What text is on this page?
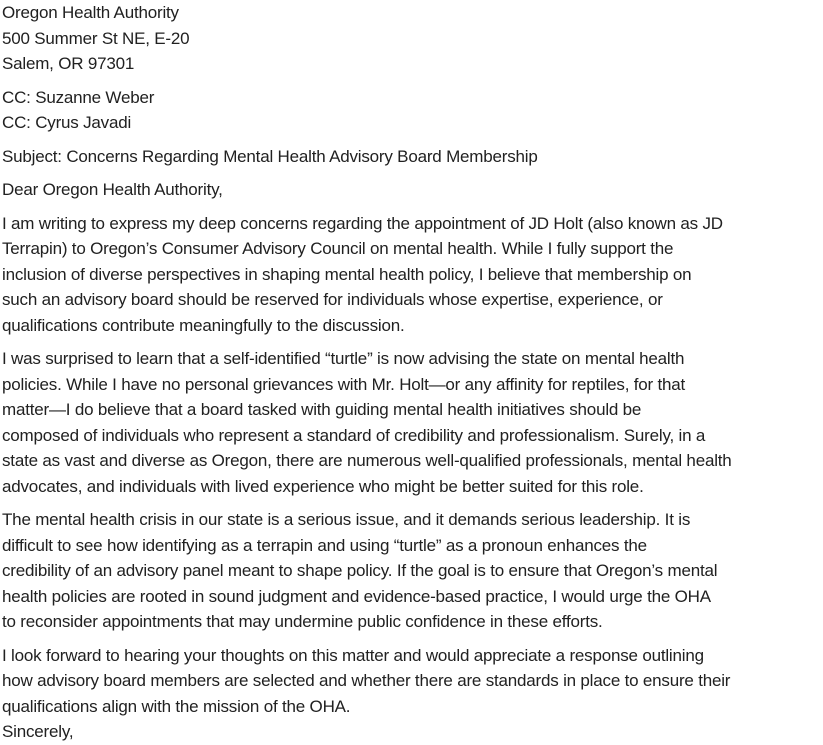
Oregon Health Authority
500 Summer St NE, E-20
Salem, OR 97301
CC: Suzanne Weber
CC: Cyrus Javadi
Subject: Concerns Regarding Mental Health Advisory Board Membership
Dear Oregon Health Authority,
I am writing to express my deep concerns regarding the appointment of JD Holt (also known as JD
Terrapin) to Oregon’s Consumer Advisory Council on mental health. While I fully support the
inclusion of diverse perspectives in shaping mental health policy, I believe that membership on
such an advisory board should be reserved for individuals whose expertise, experience, or
qualifications contribute meaningfully to the discussion.
I was surprised to learn that a self-identified “turtle” is now advising the state on mental health
policies. While I have no personal grievances with Mr. Holt—or any affinity for reptiles, for that
matter—I do believe that a board tasked with guiding mental health initiatives should be
composed of individuals who represent a standard of credibility and professionalism. Surely, in a
state as vast and diverse as Oregon, there are numerous well-qualified professionals, mental health
advocates, and individuals with lived experience who might be better suited for this role.
The mental health crisis in our state is a serious issue, and it demands serious leadership. It is
difficult to see how identifying as a terrapin and using “turtle” as a pronoun enhances the
credibility of an advisory panel meant to shape policy. If the goal is to ensure that Oregon’s mental
health policies are rooted in sound judgment and evidence-based practice, I would urge the OHA
to reconsider appointments that may undermine public confidence in these efforts.
I look forward to hearing your thoughts on this matter and would appreciate a response outlining
how advisory board members are selected and whether there are standards in place to ensure their
qualifications align with the mission of the OHA.
Sincerely,
